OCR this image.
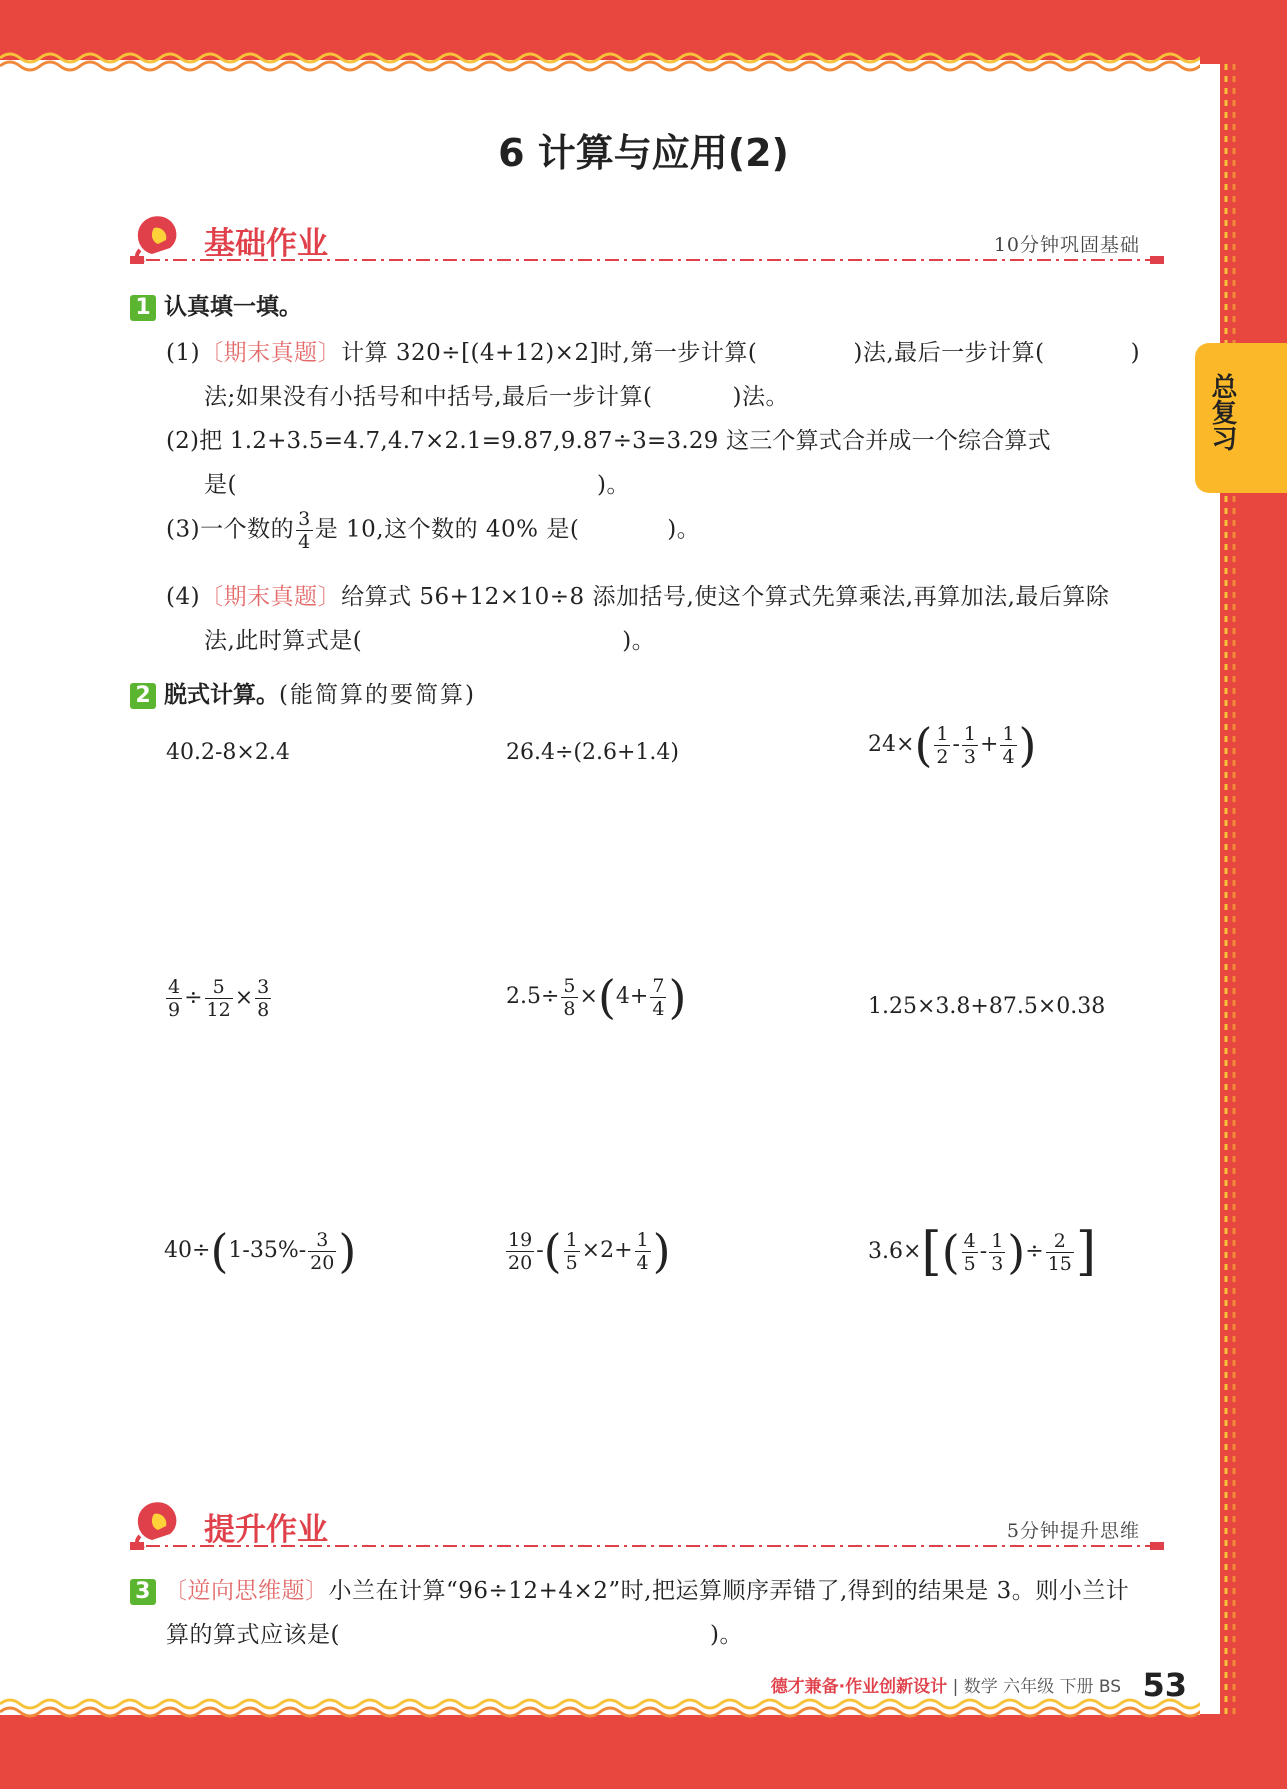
总复习
6 计算与应用(2)
基础作业	10分钟巩固基础
1 认真填一填。
(1)〔期末真题〕计算 320÷[(4+12)×2]时,第一步计算(	)法,最后一步计算(	)
法;如果没有小括号和中括号,最后一步计算(	)法。
(2)把 1.2+3.5=4.7,4.7×2.1=9.87,9.87÷3=3.29 这三个算式合并成一个综合算式
是(	)。
(3)一个数的 $\frac{3}{4}$ 是 10,这个数的 40% 是(	)。
(4)〔期末真题〕给算式 56+12×10÷8 添加括号,使这个算式先算乘法,再算加法,最后算除
法,此时算式是(	)。
2 脱式计算。(能简算的要简算)
40.2-8×2.4	26.4÷(2.6+1.4)	$24\times( \frac{1}{2} - \frac{1}{3} + \frac{1}{4}$ )
$\frac{4}{9} \div \frac{5}{12} \times \frac{3}{8}$	$2.5\div \frac{5}{8} \times(4+ \frac{7}{4}$ )	1.25×3.8+87.5×0.38
$40\div(1-35\%- \frac{3}{20}$ )	$\frac{19}{20}$ -( $\frac{1}{5} \times 2+ \frac{1}{4}$ )	$3.6\times[( \frac{4}{5} - \frac{1}{3}$ )÷ $\frac{2}{15}$ ]
提升作业	5分钟提升思维
3 〔逆向思维题〕小兰在计算“96÷12+4×2”时,把运算顺序弄错了,得到的结果是 3。则小兰计
算的算式应该是(	)。
德才兼备·作业创新设计 | 数学 六年级 下册 BS 53
